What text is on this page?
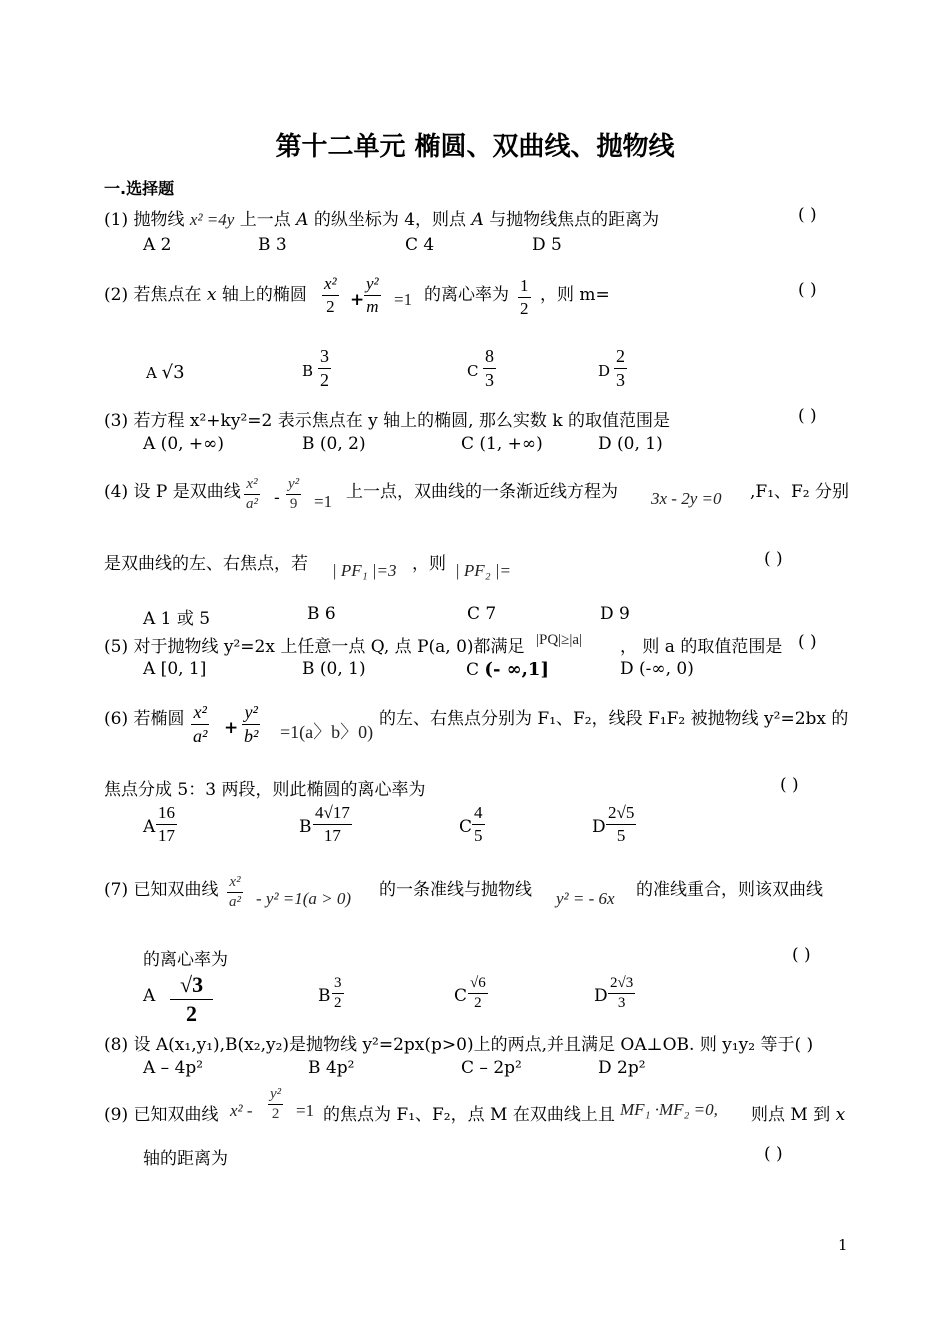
第十二单元 椭圆、双曲线、抛物线
一.选择题
(1) 抛物线 x² =4y 上一点 A 的纵坐标为 4，则点 A 与抛物线焦点的距离为	( )
A 2	B 3	C 4	D 5
(2) 若焦点在 x 轴上的椭圆
x²
2 +
y²
m =1 的离心率为 1
2
，则 m=	( )
A √3	B
3
2	C
8
3	D
2
3
(3) 若方程 x²+ky²=2 表示焦点在 y 轴上的椭圆, 那么实数 k 的取值范围是	( )
A (0, +∞)	B (0, 2)	C (1, +∞)	D (0, 1)
(4) 设 P 是双曲线 x²
a² -
y²
9 =1 上一点，双曲线的一条渐近线方程为 3x - 2y =0 ,F₁、F₂ 分别
是双曲线的左、右焦点，若 | PF₁ |=3 ，则 | PF₂ |=
( )
A 1 或 5	B 6	C 7	D 9
(5) 对于抛物线 y²=2x 上任意一点 Q, 点 P(a, 0)都满足 |PQ|≥|a| ， 则 a 的取值范围是 ( )
A [0, 1]	B (0, 1)	C (- ∞,1]	D (-∞, 0)
(6) 若椭圆 x²
a² +
y²
b² =1(a〉b〉0)
的左、右焦点分别为 F₁、F₂，线段 F₁F₂ 被抛物线 y²=2bx 的
焦点分成 5：3 两段，则此椭圆的离心率为	( )
A
16
17	B
4√17
17	C
4
5	D
2√5
5
(7) 已知双曲线 x²
a² - y² =1(a > 0) 的一条准线与抛物线 y² = - 6x 的准线重合，则该双曲线
的离心率为	( )
A	√3
2
B
3
2	C
√6
2	D
2√3
3
(8) 设 A(x₁,y₁),B(x₂,y₂)是抛物线 y²=2px(p>0)上的两点,并且满足 OA⊥OB. 则 y₁y₂ 等于( )
A – 4p²	B 4p²	C – 2p²	D 2p²
(9) 已知双曲线 x² -
y²
2 =1 的焦点为 F₁、F₂，点 M 在双曲线上且 MF₁ ·MF₂ =0, 则点 M 到 x
轴的距离为	( )
1
